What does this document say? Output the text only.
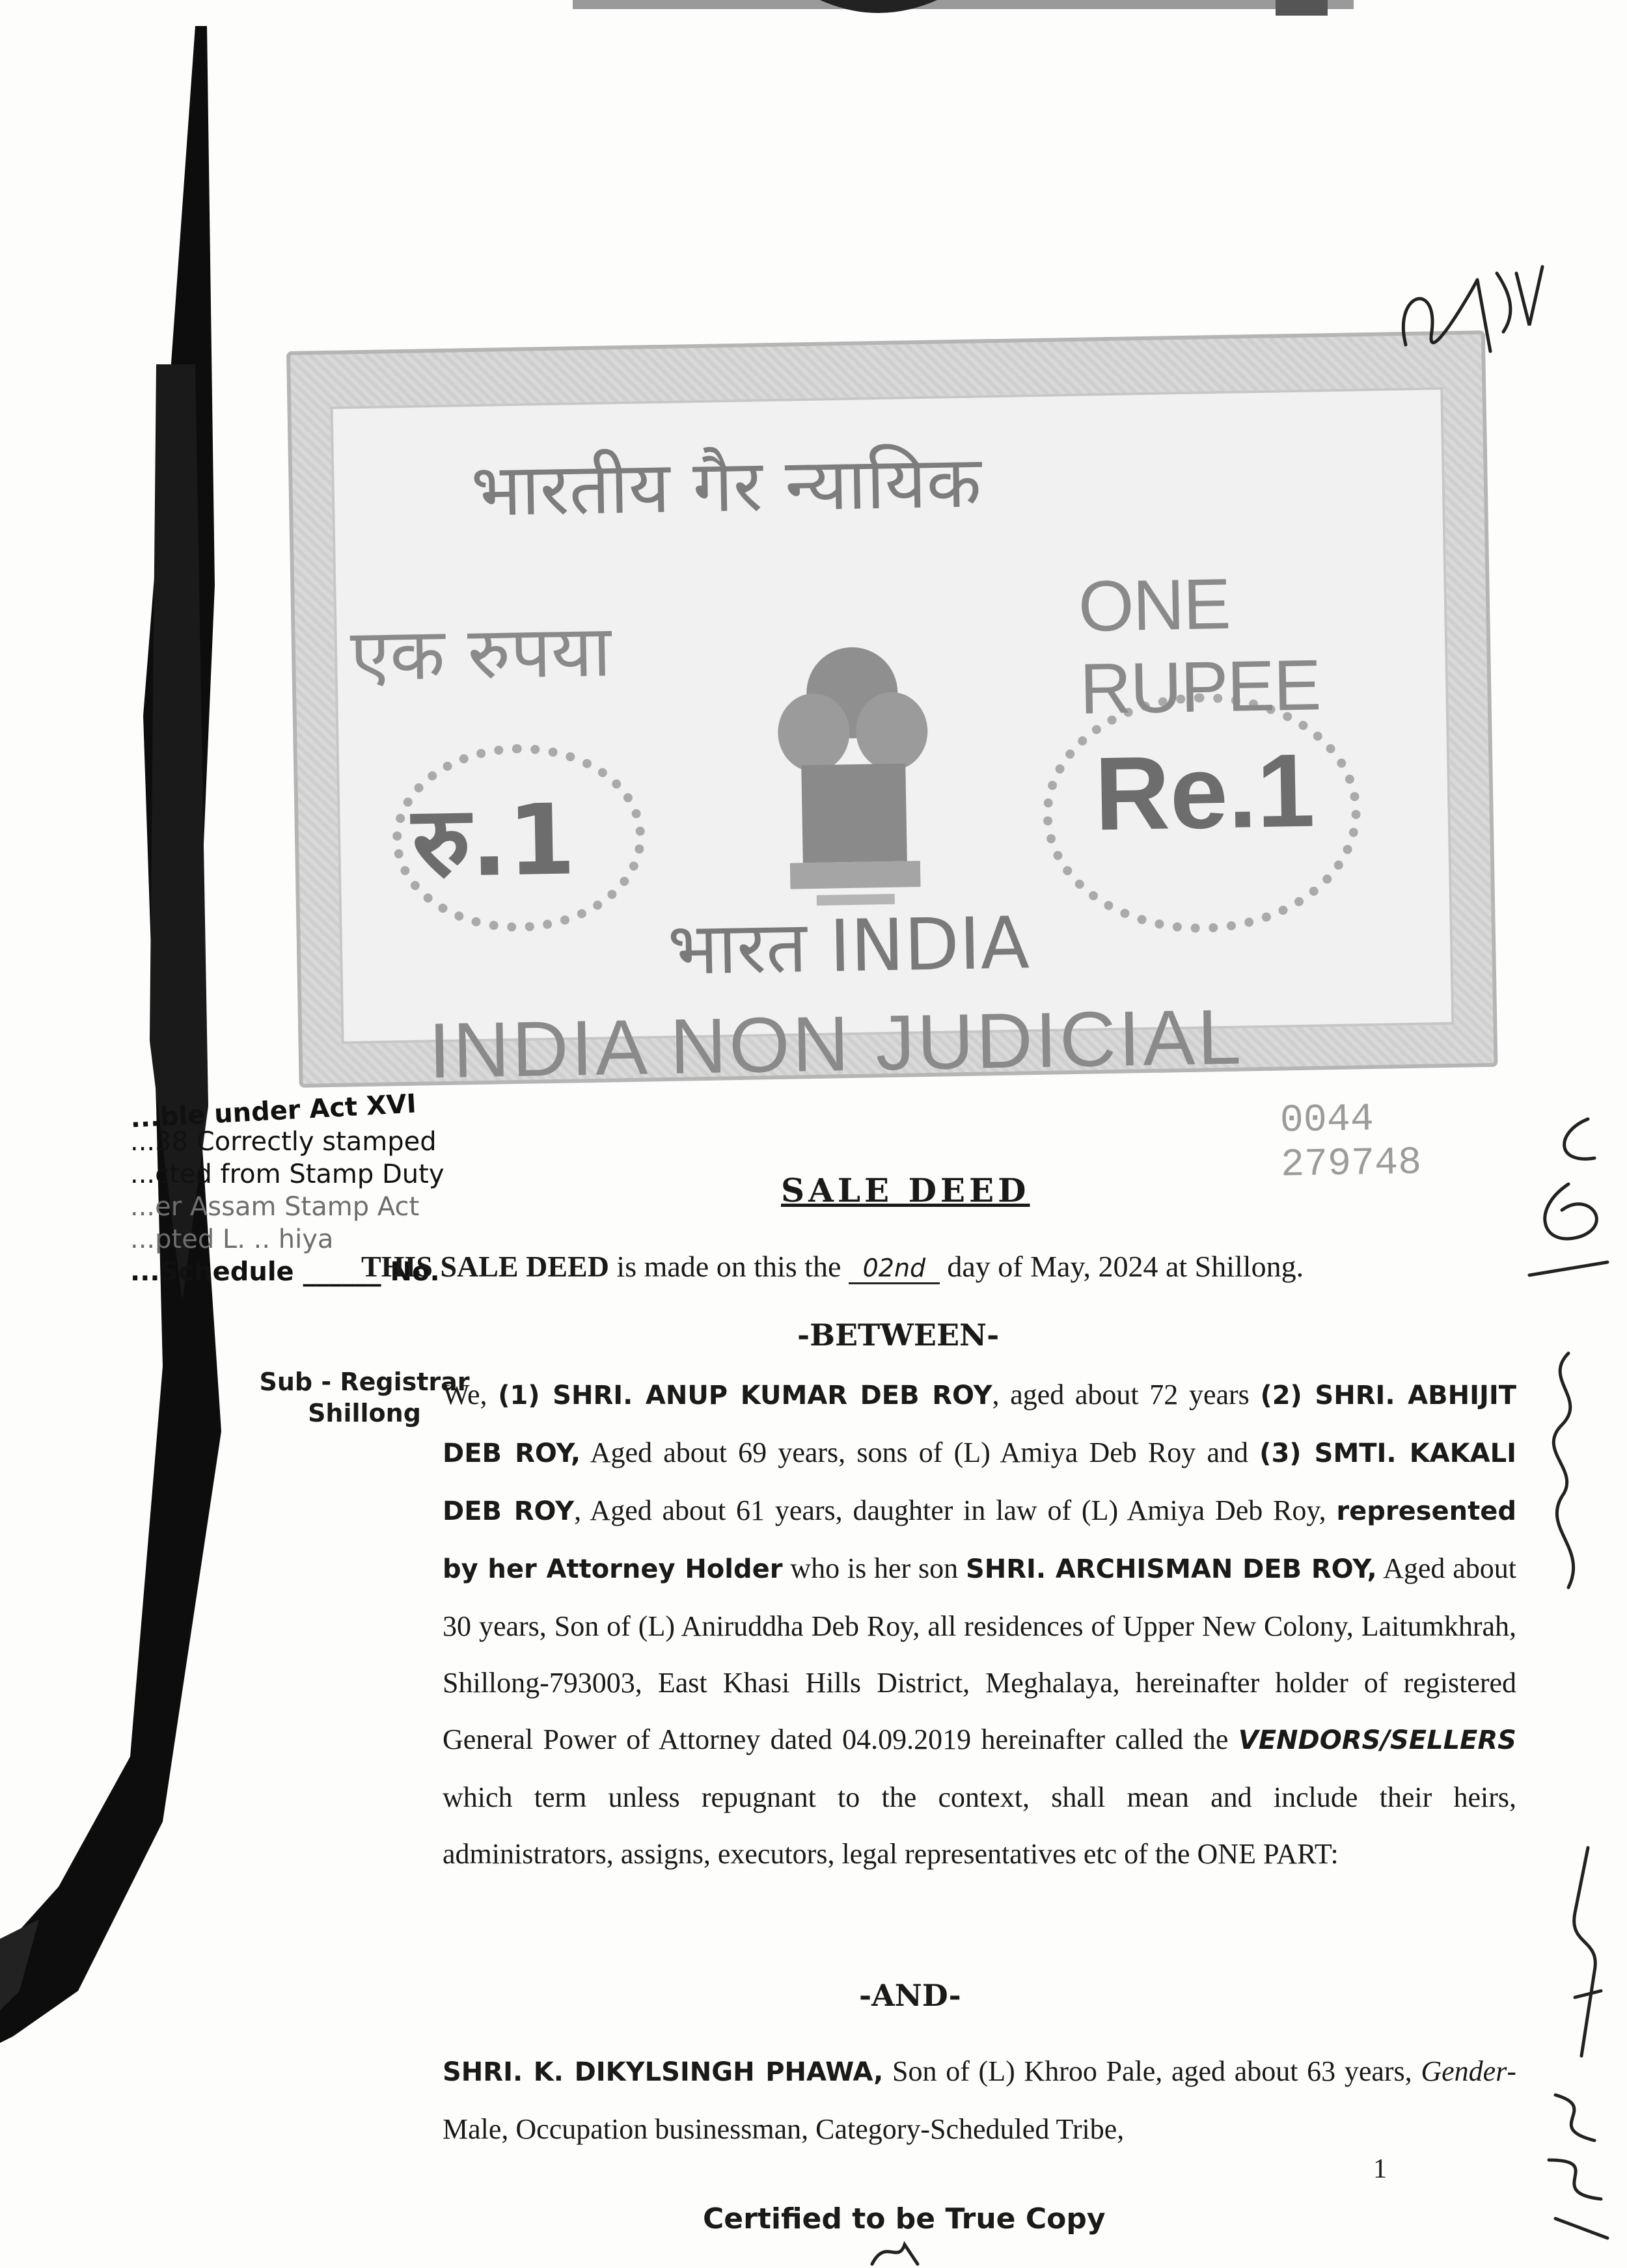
भारतीय गैर न्यायिक
एक रुपया
ONE RUPEE
रु.1	Re.1
भारत INDIA
INDIA NON JUDICIAL
0044 279748
...ble under Act XVI
...38 Correctly stamped
...cted from Stamp Duty
...er Assam Stamp Act
...pted L. .. hiya
...Schedule ______ No.
Sub - Registrar
Shillong
SALE DEED
THIS SALE DEED is made on this the 02nd day of May, 2024 at Shillong.
-BETWEEN-
We, (1) SHRI. ANUP KUMAR DEB ROY, aged about 72 years (2) SHRI. ABHIJIT DEB ROY, Aged about 69 years, sons of (L) Amiya Deb Roy and (3) SMTI. KAKALI DEB ROY, Aged about 61 years, daughter in law of (L) Amiya Deb Roy, represented by her Attorney Holder who is her son SHRI. ARCHISMAN DEB ROY, Aged about 30 years, Son of (L) Aniruddha Deb Roy, all residences of Upper New Colony, Laitumkhrah, Shillong-793003, East Khasi Hills District, Meghalaya, hereinafter holder of registered General Power of Attorney dated 04.09.2019 hereinafter called the VENDORS/SELLERS which term unless repugnant to the context, shall mean and include their heirs, administrators, assigns, executors, legal representatives etc of the ONE PART:
-AND-
SHRI. K. DIKYLSINGH PHAWA, Son of (L) Khroo Pale, aged about 63 years, Gender-Male, Occupation businessman, Category-Scheduled Tribe,
1
Certified to be True Copy
